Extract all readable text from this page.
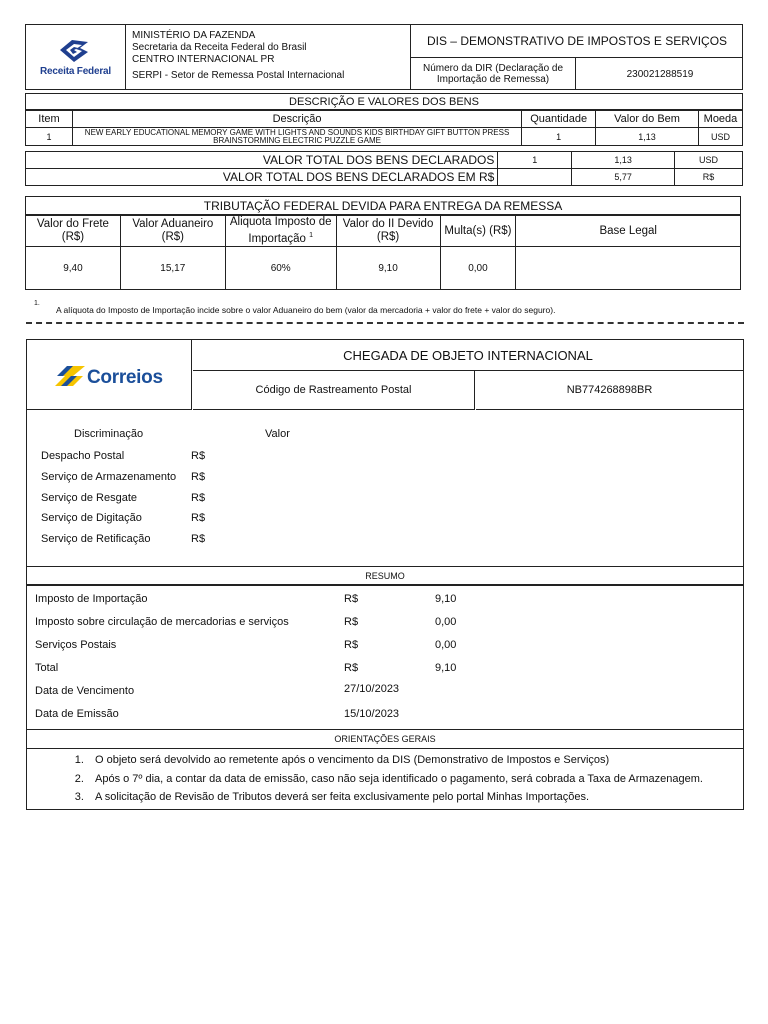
Receita Federal
MINISTÉRIO DA FAZENDA
Secretaria da Receita Federal do Brasil
CENTRO INTERNACIONAL PR
SERPI - Setor de Remessa Postal Internacional
DIS – DEMONSTRATIVO DE IMPOSTOS E SERVIÇOS
Número da DIR (Declaração de Importação de Remessa)	230021288519
DESCRIÇÃO E VALORES DOS BENS
Item	Descrição	Quantidade	Valor do Bem	Moeda
1	NEW EARLY EDUCATIONAL MEMORY GAME WITH LIGHTS AND SOUNDS KIDS BIRTHDAY GIFT BUTTON PRESS BRAINSTORMING ELECTRIC PUZZLE GAME	1	1,13	USD
VALOR TOTAL DOS BENS DECLARADOS	1	1,13	USD
VALOR TOTAL DOS BENS DECLARADOS EM R$		5,77	R$
TRIBUTAÇÃO FEDERAL DEVIDA PARA ENTREGA DA REMESSA
Valor do Frete (R$)	Valor Aduaneiro (R$)	Aliquota Imposto de Importação $^1$	Valor do II Devido (R$)	Multa(s) (R$)	Base Legal
9,40	15,17	60%	9,10	0,00	
1.
A alíquota do Imposto de Importação incide sobre o valor Aduaneiro do bem (valor da mercadoria + valor do frete + valor do seguro).
Correios
CHEGADA DE OBJETO INTERNACIONAL
Código de Rastreamento Postal	NB774268898BR
Discriminação	Valor
Despacho Postal	R$
Serviço de Armazenamento R$
Serviço de Resgate	R$
Serviço de Digitação	R$
Serviço de Retificação	R$
RESUMO
Imposto de Importação	R$	9,10
Imposto sobre circulação de mercadorias e serviços	R$	0,00
Serviços Postais	R$	0,00
Total	R$	9,10
Data de Vencimento	27/10/2023
Data de Emissão	15/10/2023
ORIENTAÇÕES GERAIS
1. O objeto será devolvido ao remetente após o vencimento da DIS (Demonstrativo de Impostos e Serviços)
2. Após o 7º dia, a contar da data de emissão, caso não seja identificado o pagamento, será cobrada a Taxa de Armazenagem.
3. A solicitação de Revisão de Tributos deverá ser feita exclusivamente pelo portal Minhas Importações.
